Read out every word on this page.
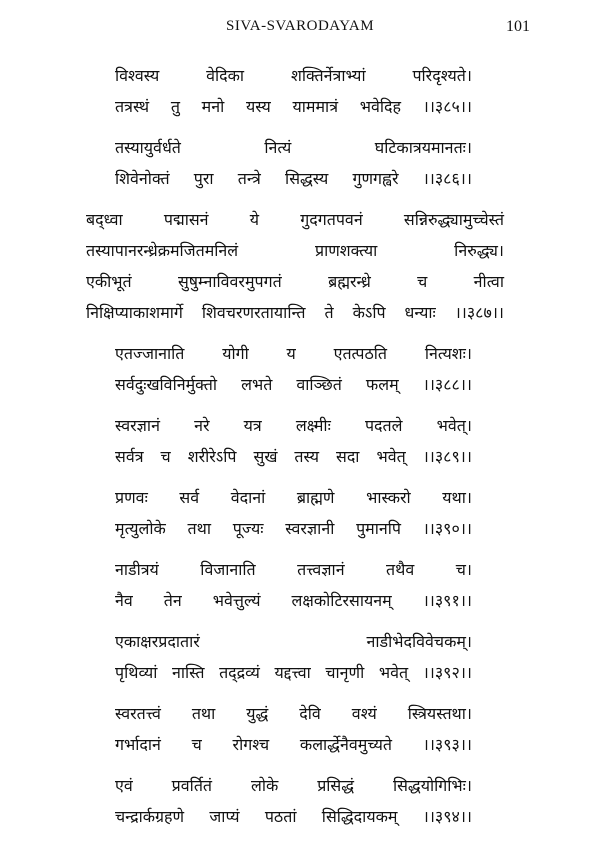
SIVA-SVARODAYAM	101
विश्वस्य	वेदिका	शक्तिर्नेत्राभ्यां	परिदृश्यते।
तत्रस्थं तु मनो यस्य याममात्रं भवेदिह ।।३८५।।
तस्यायुर्वर्धते	नित्यं	घटिकात्रयमानतः।
शिवेनोक्तं पुरा तन्त्रे सिद्धस्य गुणगह्वरे ।।३८६।।
बद्ध्वा	पद्मासनं	ये	गुदगतपवनं	सन्निरुद्ध्यामुच्चेस्तं
तस्यापानरन्ध्रेक्रमजितमनिलं	प्राणशक्त्या	निरुद्ध्य।
एकीभूतं	सुषुम्नाविवरमुपगतं	ब्रह्मरन्ध्रे	च	नीत्वा
निक्षिप्याकाशमार्गे शिवचरणरतायान्ति ते केऽपि धन्याः ।।३८७।।
एतज्जानाति योगी य एतत्पठति नित्यशः।
सर्वदुःखविनिर्मुक्तो लभते वाञ्छितं फलम् ।।३८८।।
स्वरज्ञानं नरे यत्र लक्ष्मीः पदतले भवेत्।
सर्वत्र च शरीरेऽपि सुखं तस्य सदा भवेत् ।।३८९।।
प्रणवः सर्व वेदानां ब्राह्मणे भास्करो यथा।
मृत्युलोके तथा पूज्यः स्वरज्ञानी पुमानपि ।।३९०।।
नाडीत्रयं	विजानाति	तत्त्वज्ञानं	तथैव	च।
नैव तेन भवेत्तुल्यं लक्षकोटिरसायनम् ।।३९१।।
एकाक्षरप्रदातारं	नाडीभेदविवेचकम्।
पृथिव्यां नास्ति तद्द्रव्यं यद्दत्त्वा चानृणी भवेत् ।।३९२।।
स्वरतत्त्वं तथा युद्धं देवि वश्यं स्त्रियस्तथा।
गर्भादानं च रोगश्च कलार्द्धेनैवमुच्यते ।।३९३।।
एवं प्रवर्तितं लोके प्रसिद्धं सिद्धयोगिभिः।
चन्द्रार्कग्रहणे जाप्यं पठतां सिद्धिदायकम् ।।३९४।।
